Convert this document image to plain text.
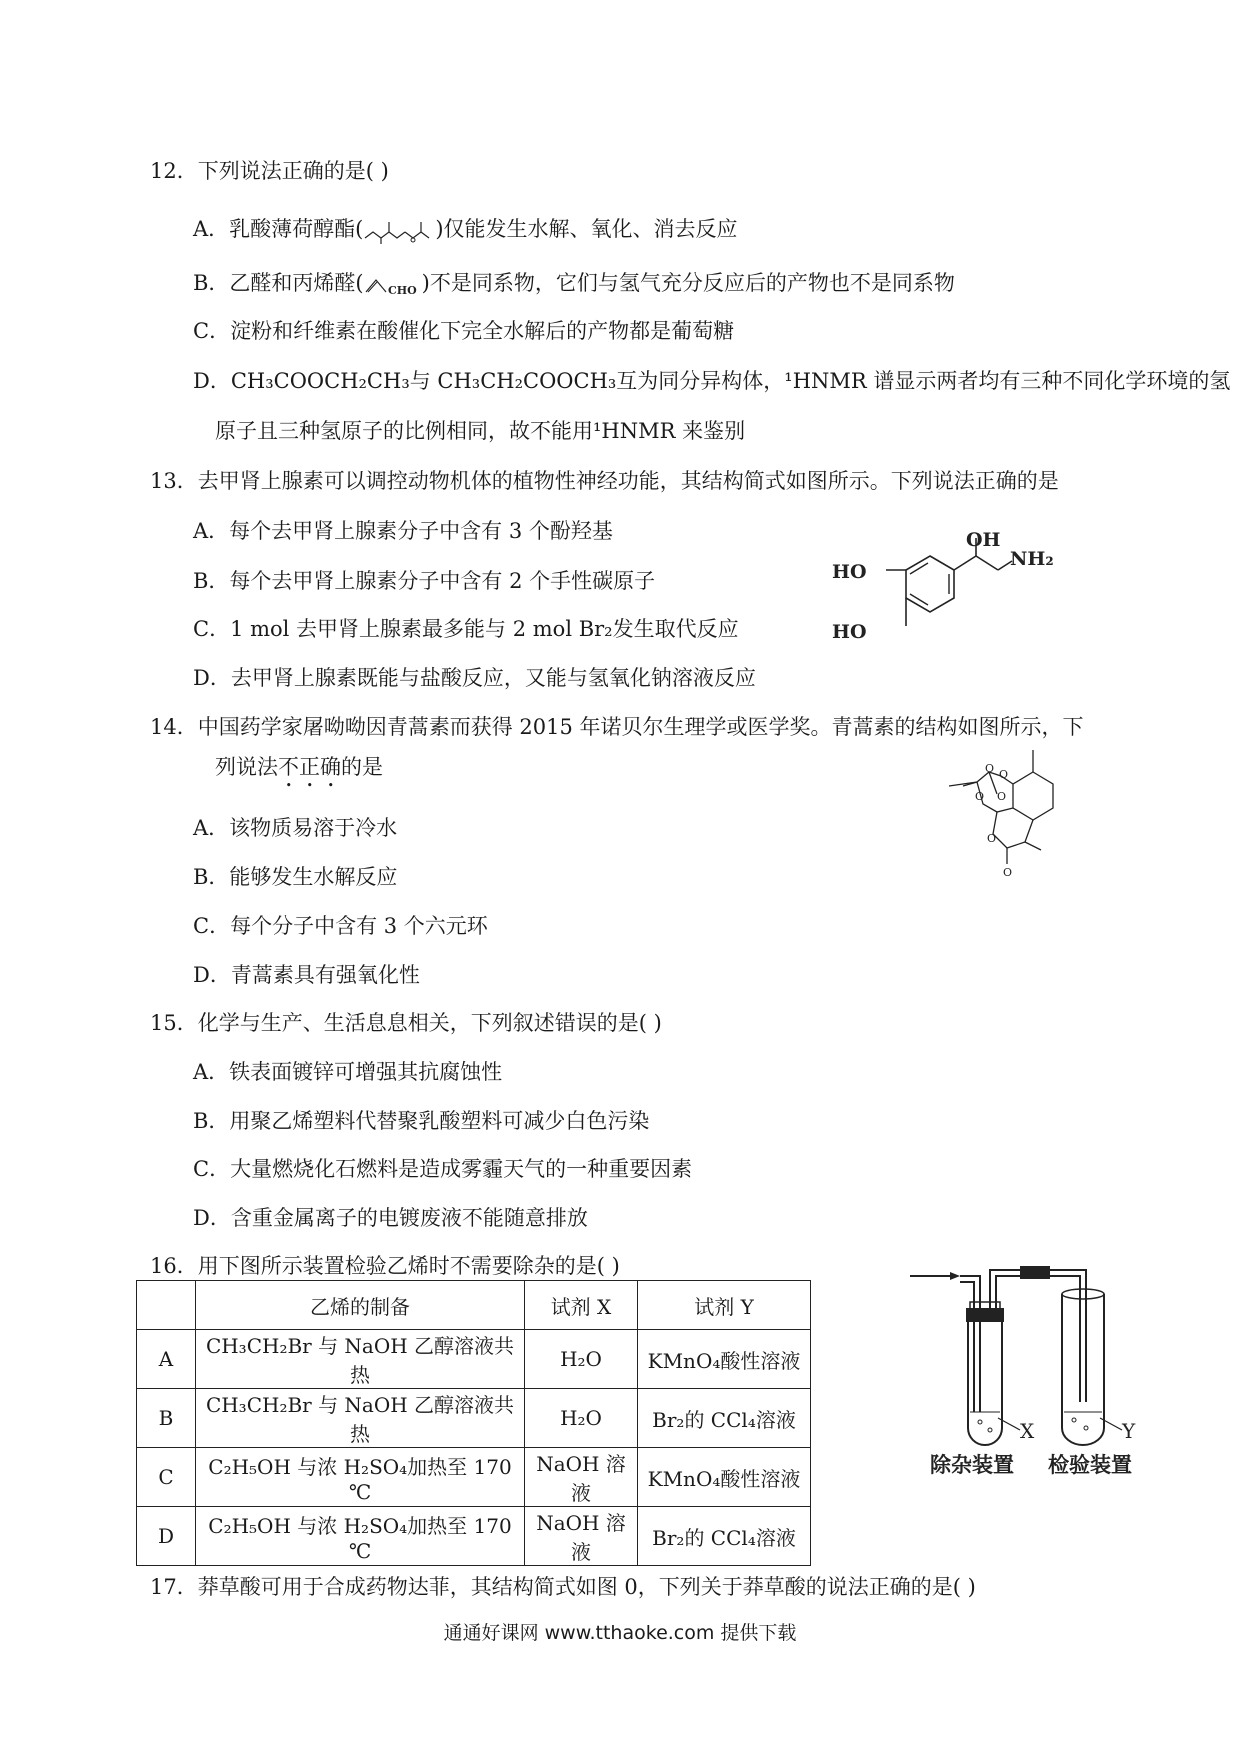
12．下列说法正确的是( )
A．乳酸薄荷醇酯(	)仅能发生水解、氧化、消去反应
B．乙醛和丙烯醛( CHO )不是同系物，它们与氢气充分反应后的产物也不是同系物
C．淀粉和纤维素在酸催化下完全水解后的产物都是葡萄糖
D．CH₃COOCH₂CH₃与 CH₃CH₂COOCH₃互为同分异构体，¹HNMR 谱显示两者均有三种不同化学环境的氢
原子且三种氢原子的比例相同，故不能用¹HNMR 来鉴别
13．去甲肾上腺素可以调控动物机体的植物性神经功能，其结构简式如图所示。下列说法正确的是
A．每个去甲肾上腺素分子中含有 3 个酚羟基
B．每个去甲肾上腺素分子中含有 2 个手性碳原子
C．1 mol 去甲肾上腺素最多能与 2 mol Br₂发生取代反应
D．去甲肾上腺素既能与盐酸反应，又能与氢氧化钠溶液反应
OH
HO
HO
NH₂
14．中国药学家屠呦呦因青蒿素而获得 2015 年诺贝尔生理学或医学奖。青蒿素的结构如图所示，下
列说法不正确的是
A．该物质易溶于冷水
B．能够发生水解反应
C．每个分子中含有 3 个六元环
D．青蒿素具有强氧化性
O O
O O
O
O
15．化学与生产、生活息息相关，下列叙述错误的是( )
A．铁表面镀锌可增强其抗腐蚀性
B．用聚乙烯塑料代替聚乳酸塑料可减少白色污染
C．大量燃烧化石燃料是造成雾霾天气的一种重要因素
D．含重金属离子的电镀废液不能随意排放
16．用下图所示装置检验乙烯时不需要除杂的是( )
	乙烯的制备	试剂 X	试剂 Y
A	CH₃CH₂Br 与 NaOH 乙醇溶液共热	H₂O	KMnO₄酸性溶液
B	CH₃CH₂Br 与 NaOH 乙醇溶液共热	H₂O	Br₂的 CCl₄溶液
C	C₂H₅OH 与浓 H₂SO₄加热至 170 ℃	NaOH 溶液	KMnO₄酸性溶液
D	C₂H₅OH 与浓 H₂SO₄加热至 170 ℃	NaOH 溶液	Br₂的 CCl₄溶液
X	Y
除杂装置 检验装置
17．莽草酸可用于合成药物达菲，其结构简式如图 0，下列关于莽草酸的说法正确的是( )
通通好课网 www.tthaoke.com 提供下载
